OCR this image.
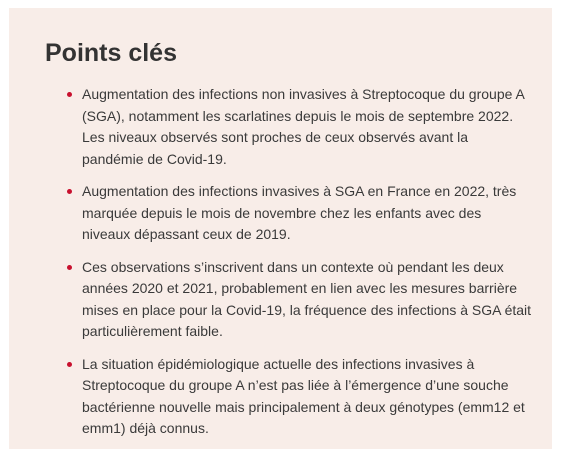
Points clés
Augmentation des infections non invasives à Streptocoque du groupe A (SGA), notamment les scarlatines depuis le mois de septembre 2022. Les niveaux observés sont proches de ceux observés avant la pandémie de Covid-19.
Augmentation des infections invasives à SGA en France en 2022, très marquée depuis le mois de novembre chez les enfants avec des niveaux dépassant ceux de 2019.
Ces observations s’inscrivent dans un contexte où pendant les deux années 2020 et 2021, probablement en lien avec les mesures barrière mises en place pour la Covid-19, la fréquence des infections à SGA était particulièrement faible.
La situation épidémiologique actuelle des infections invasives à Streptocoque du groupe A n’est pas liée à l’émergence d’une souche bactérienne nouvelle mais principalement à deux génotypes (emm12 et emm1) déjà connus.
